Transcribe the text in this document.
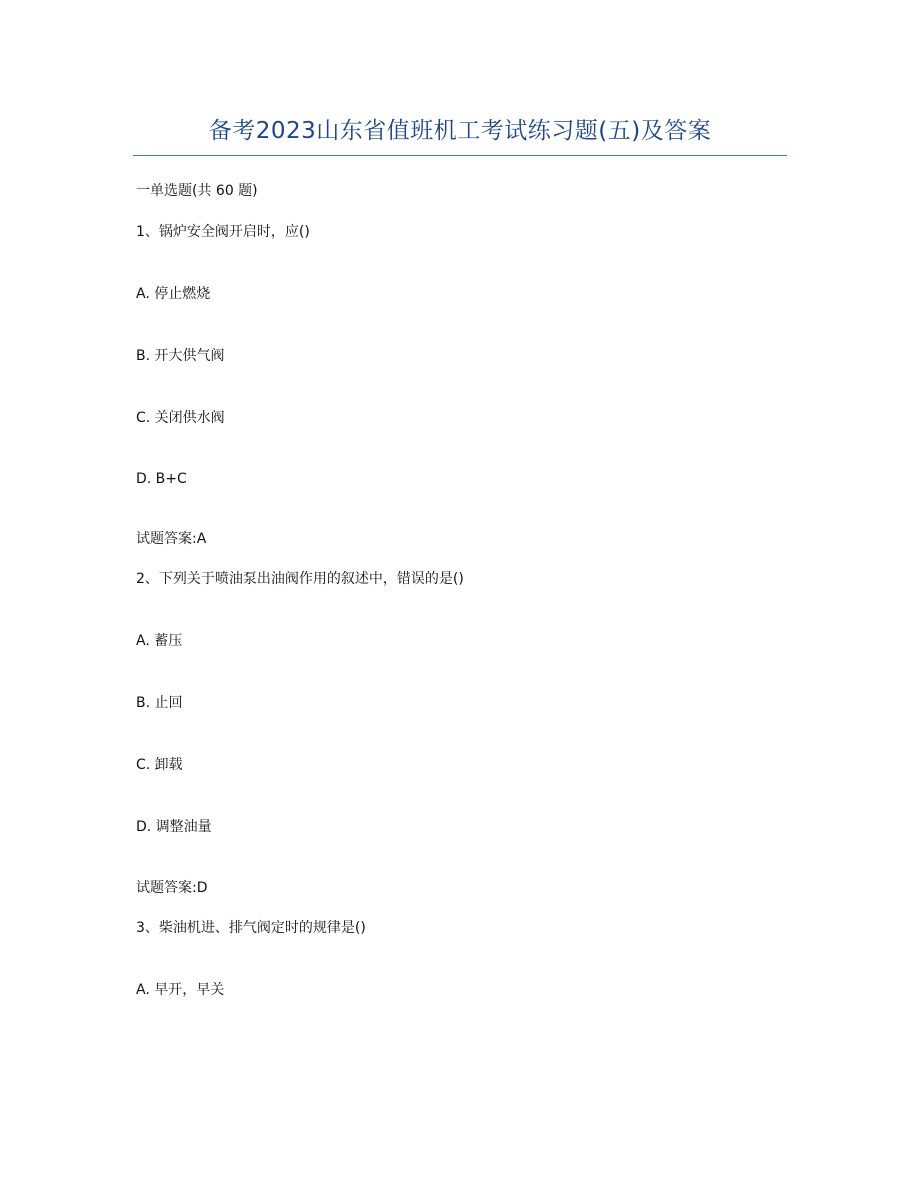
备考2023山东省值班机工考试练习题(五)及答案
一单选题(共 60 题)
1、锅炉安全阀开启时，应()
A. 停止燃烧
B. 开大供气阀
C. 关闭供水阀
D. B+C
试题答案:A
2、下列关于喷油泵出油阀作用的叙述中，错误的是()
A. 蓄压
B. 止回
C. 卸载
D. 调整油量
试题答案:D
3、柴油机进、排气阀定时的规律是()
A. 早开，早关
